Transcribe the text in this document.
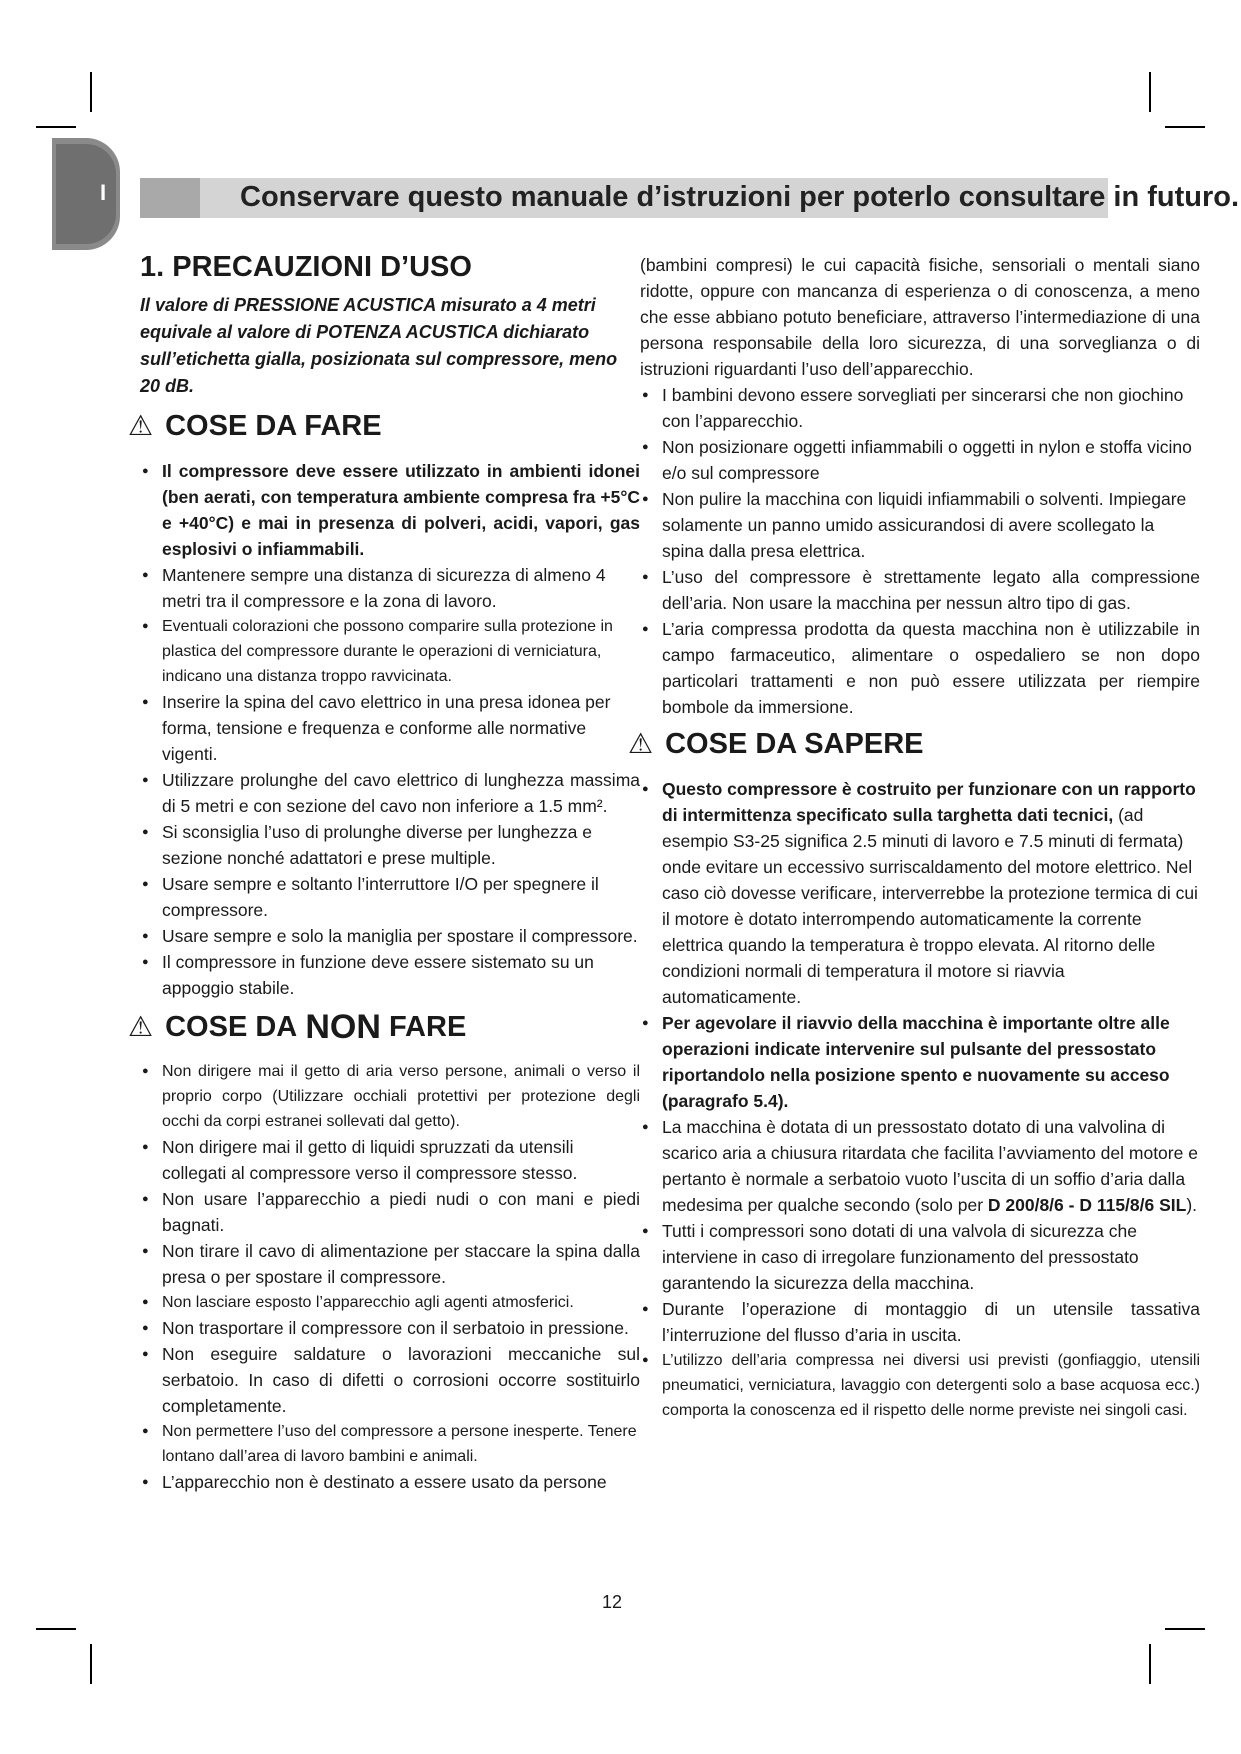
I	Conservare questo manuale d’istruzioni per poterlo consultare in futuro.
1. PRECAUZIONI D’USO

Il valore di PRESSIONE ACUSTICA misurato a 4 metri equivale al valore di POTENZA ACUSTICA dichiarato sull’etichetta gialla, posizionata sul compressore, meno 20 dB.

⚠ COSE DA FARE
● Il compressore deve essere utilizzato in ambienti idonei (ben aerati, con temperatura ambiente compresa fra +5°C e +40°C) e mai in presenza di polveri, acidi, vapori, gas esplosivi o infiammabili.
● Mantenere sempre una distanza di sicurezza di almeno 4 metri tra il compressore e la zona di lavoro.
● Eventuali colorazioni che possono comparire sulla protezione in plastica del compressore durante le operazioni di verniciatura, indicano una distanza troppo ravvicinata.
● Inserire la spina del cavo elettrico in una presa idonea per forma, tensione e frequenza e conforme alle normative vigenti.
● Utilizzare prolunghe del cavo elettrico di lunghezza massima di 5 metri e con sezione del cavo non inferiore a 1.5 mm².
● Si sconsiglia l’uso di prolunghe diverse per lunghezza e sezione nonché adattatori e prese multiple.
● Usare sempre e soltanto l’interruttore I/O per spegnere il compressore.
● Usare sempre e solo la maniglia per spostare il compressore.
● Il compressore in funzione deve essere sistemato su un appoggio stabile.
⚠ COSE DA
NON
FARE
● Non dirigere mai il getto di aria verso persone, animali o verso il proprio corpo (Utilizzare occhiali protettivi per protezione degli occhi da corpi estranei sollevati dal getto).
● Non dirigere mai il getto di liquidi spruzzati da utensili collegati al compressore verso il compressore stesso.
● Non usare l’apparecchio a piedi nudi o con mani e piedi bagnati.
● Non tirare il cavo di alimentazione per staccare la spina dalla presa o per spostare il compressore.
● Non lasciare esposto l’apparecchio agli agenti atmosferici.
● Non trasportare il compressore con il serbatoio in pressione.
● Non eseguire saldature o lavorazioni meccaniche sul serbatoio. In caso di difetti o corrosioni occorre sostituirlo completamente.
● Non permettere l’uso del compressore a persone inesperte. Tenere lontano dall’area di lavoro bambini e animali.
● L’apparecchio non è destinato a essere usato da persone

(bambini compresi) le cui capacità fisiche, sensoriali o mentali siano ridotte, oppure con mancanza di esperienza o di conoscenza, a meno che esse abbiano potuto beneficiare, attraverso l’intermediazione di una persona responsabile della loro sicurezza, di una sorveglianza o di istruzioni riguardanti l’uso dell’apparecchio.

● I bambini devono essere sorvegliati per sincerarsi che non giochino con l’apparecchio.
● Non posizionare oggetti infiammabili o oggetti in nylon e stoffa vicino e/o sul compressore
● Non pulire la macchina con liquidi infiammabili o solventi. Impiegare solamente un panno umido assicurandosi di avere scollegato la spina dalla presa elettrica.
● L’uso del compressore è strettamente legato alla compressione dell’aria. Non usare la macchina per nessun altro tipo di gas.
● L’aria compressa prodotta da questa macchina non è utilizzabile in campo farmaceutico, alimentare o ospedaliero se non dopo particolari trattamenti e non può essere utilizzata per riempire bombole da immersione.
⚠ COSE DA SAPERE
● Questo compressore è costruito per funzionare con un rapporto di intermittenza specificato sulla targhetta dati tecnici, (ad esempio S3-25 significa 2.5 minuti di lavoro e 7.5 minuti di fermata) onde evitare un eccessivo surriscaldamento del motore elettrico. Nel caso ciò dovesse verificare, interverrebbe la protezione termica di cui il motore è dotato interrompendo automaticamente la corrente elettrica quando la temperatura è troppo elevata. Al ritorno delle condizioni normali di temperatura il motore si riavvia automaticamente.
● Per agevolare il riavvio della macchina è importante oltre alle operazioni indicate intervenire sul pulsante del pressostato riportandolo nella posizione spento e nuovamente su acceso (paragrafo 5.4).
● La macchina è dotata di un pressostato dotato di una valvolina di scarico aria a chiusura ritardata che facilita l’avviamento del motore e pertanto è normale a serbatoio vuoto l’uscita di un soffio d’aria dalla medesima per qualche secondo (solo per D 200/8/6 - D 115/8/6 SIL).
● Tutti i compressori sono dotati di una valvola di sicurezza che interviene in caso di irregolare funzionamento del pressostato garantendo la sicurezza della macchina.
● Durante l’operazione di montaggio di un utensile tassativa l’interruzione del flusso d’aria in uscita.
● L’utilizzo dell’aria compressa nei diversi usi previsti (gonfiaggio, utensili pneumatici, verniciatura, lavaggio con detergenti solo a base acquosa ecc.) comporta la conoscenza ed il rispetto delle norme previste nei singoli casi.
12
